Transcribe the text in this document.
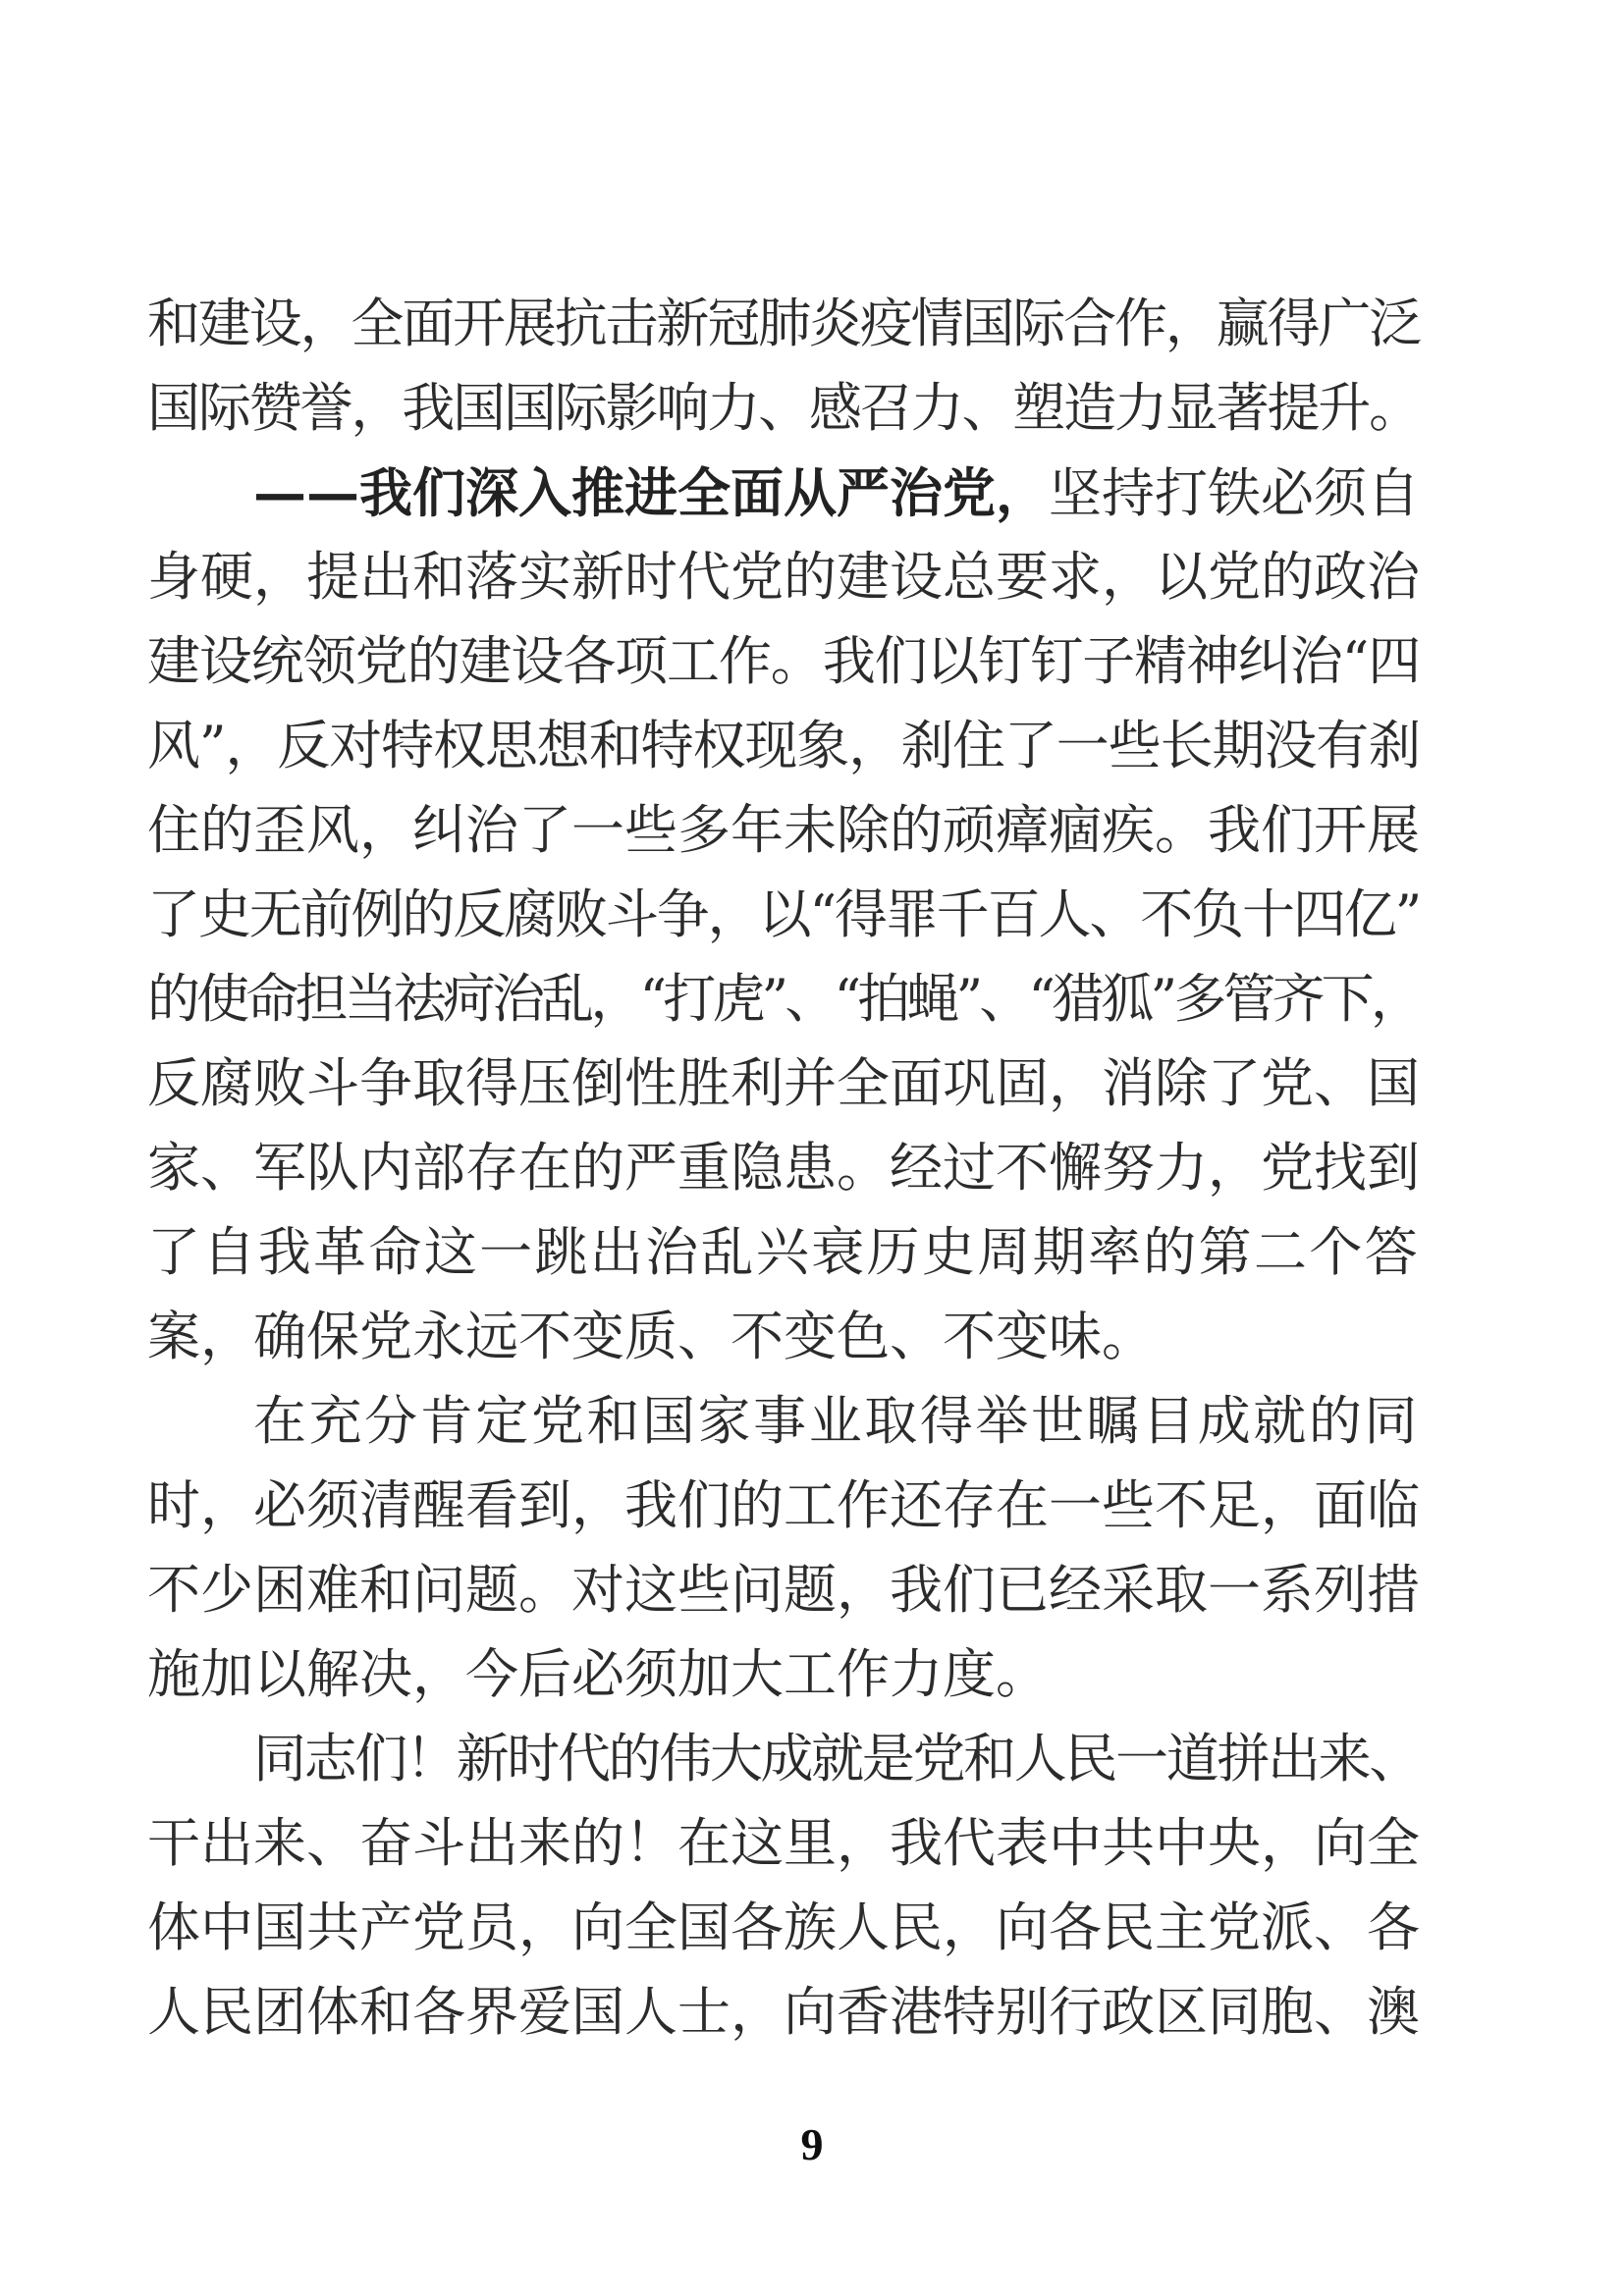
和建设，全面开展抗击新冠肺炎疫情国际合作，赢得广泛
国际赞誉，我国国际影响力、感召力、塑造力显著提升。
——我们深入推进全面从严治党，坚持打铁必须自
身硬，提出和落实新时代党的建设总要求，以党的政治
建设统领党的建设各项工作。我们以钉钉子精神纠治“四
风”，反对特权思想和特权现象，刹住了一些长期没有刹
住的歪风，纠治了一些多年未除的顽瘴痼疾。我们开展
了史无前例的反腐败斗争，以“得罪千百人、不负十四亿”
的使命担当祛疴治乱，“打虎”、“拍蝇”、“猎狐”多管齐下，
反腐败斗争取得压倒性胜利并全面巩固，消除了党、国
家、军队内部存在的严重隐患。经过不懈努力，党找到
了自我革命这一跳出治乱兴衰历史周期率的第二个答
案，确保党永远不变质、不变色、不变味。
在充分肯定党和国家事业取得举世瞩目成就的同
时，必须清醒看到，我们的工作还存在一些不足，面临
不少困难和问题。对这些问题，我们已经采取一系列措
施加以解决，今后必须加大工作力度。
同志们！新时代的伟大成就是党和人民一道拼出来、
干出来、奋斗出来的！在这里，我代表中共中央，向全
体中国共产党员，向全国各族人民，向各民主党派、各
人民团体和各界爱国人士，向香港特别行政区同胞、澳
9
